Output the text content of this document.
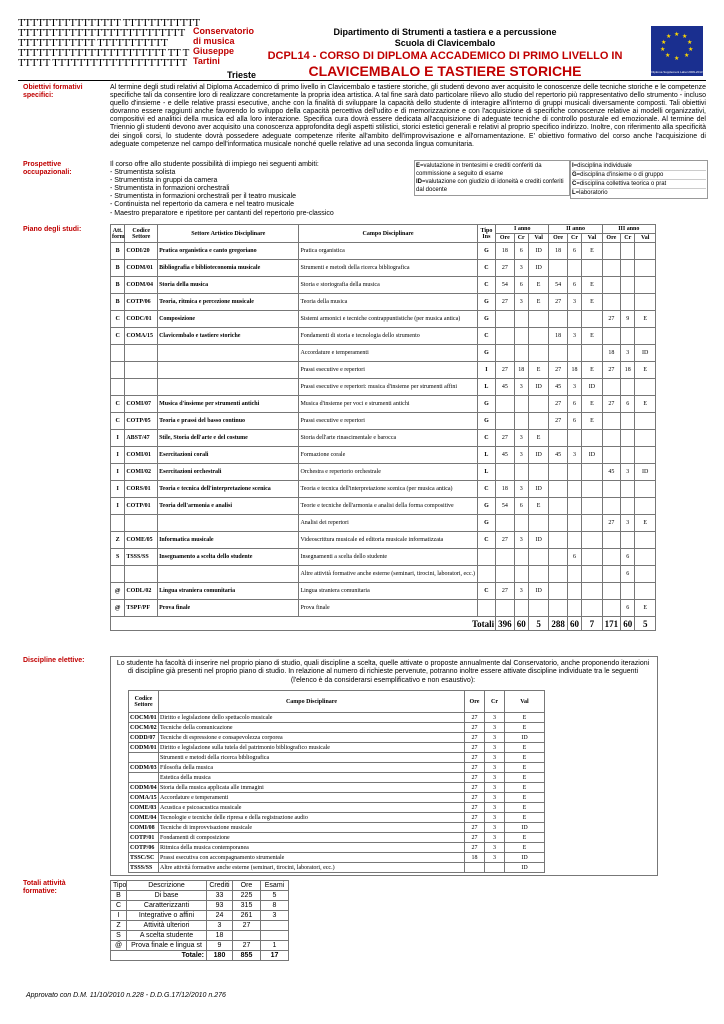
TTTTTTTTTTTTTTTT TTTTTTTTTTTT
TTTTTTTTTTTTTTTTTTTTTTTTTT
TTTTTTTTTTTT TTTTTTTTTTT
TTTTTTTTTTTTTTTTTTTTTTT TT T
TTTTT TTTTTTTTTTTTTTTTTTTTT
Conservatorio
di musica
Giuseppe
Tartini
Trieste
Dipartimento di Strumenti a tastiera e a percussione
Scuola di Clavicembalo
DCPL14 - CORSO DI DIPLOMA ACCADEMICO DI PRIMO LIVELLO IN
CLAVICEMBALO E TASTIERE STORICHE
★ ★
★
★
★
★
★
★
★
★
Diploma Supplement Label 2009-2013
Obiettivi formativi specifici:
Al termine degli studi relativi al Diploma Accademico di primo livello in Clavicembalo e tastiere storiche, gli studenti devono aver acquisito le conoscenze delle tecniche storiche e le competenze specifiche tali da consentire loro di realizzare concretamente la propria idea artistica. A tal fine sarà dato particolare rilievo allo studio del repertorio più rappresentativo dello strumento - incluso quello d'insieme - e delle relative prassi esecutive, anche con la finalità di sviluppare la capacità dello studente di interagire all'interno di gruppi musicali diversamente composti. Tali obiettivi dovranno essere raggiunti anche favorendo lo sviluppo della capacità percettiva dell'udito e di memorizzazione e con l'acquisizione di specifiche conoscenze relative ai modelli organizzativi, compositivi ed analitici della musica ed alla loro interazione. Specifica cura dovrà essere dedicata all'acquisizione di adeguate tecniche di controllo posturale ed emozionale. Al termine del Triennio gli studenti devono aver acquisito una conoscenza approfondita degli aspetti stilistici, storici estetici generali e relativi al proprio specifico indirizzo. Inoltre, con riferimento alla specificità dei singoli corsi, lo studente dovrà possedere adeguate competenze riferite all'ambito dell'improvvisazione e all'ornamentazione. E' obiettivo formativo del corso anche l'acquisizione di adeguate competenze nel campo dell'informatica musicale nonché quelle relative ad una seconda lingua comunitaria.
Prospettive occupazionali:
Il corso offre allo studente possibilità di impiego nei seguenti ambiti:
- Strumentista solista
- Strumentista in gruppi da camera
- Strumentista in formazioni orchestrali
- Strumentista in formazioni orchestrali per il teatro musicale
- Continuista nel repertorio da camera e nel teatro musicale
- Maestro preparatore e ripetitore per cantanti del repertorio pre-classico
E=valutazione in trentesimi e crediti conferiti da commissione a seguito di esame
ID=valutazione con giudizio di idoneità e crediti conferiti dal docente
I=disciplina individuale
G=disciplina d'insieme o di gruppo
C=disciplina collettiva teorica o prat
L=laboratorio
Piano degli studi:	Att. form	Codice Settore	Settore Artistico Disciplinare	Campo Disciplinare	Tipo Ins	I anno			II anno			III anno		
					Ore	Cr	Val	Ore	Cr	Val	Ore	Cr	Val
B	CODI/20	Pratica organistica e canto gregoriano	Pratica organistica	G	18	6	ID	18	6	E			
B	CODM/01	Bibliografia e biblioteconomia musicale	Strumenti e metodi della ricerca bibliografica	C	27	3	ID						
B	CODM/04	Storia della musica	Storia e storiografia della musica	C	54	6	E	54	6	E			
B	COTP/06	Teoria, ritmica e percezione musicale	Teoria della musica	G	27	3	E	27	3	E			
C	CODC/01	Composizione	Sistemi armonici e tecniche contrappuntistiche (per musica antica)	G							27	9	E
C	COMA/15	Clavicembalo e tastiere storiche	Fondamenti di storia e tecnologia dello strumento	C				18	3	E			
			Accordature e temperamenti	G							18	3	ID
			Prassi esecutive e repertori	I	27	18	E	27	18	E	27	18	E
			Prassi esecutive e repertori: musica d'insieme per strumenti affini	L	45	3	ID	45	3	ID			
C	COMI/07	Musica d'insieme per strumenti antichi	Musica d'insieme per voci e strumenti antichi	G				27	6	E	27	6	E
C	COTP/05	Teoria e prassi del basso continuo	Prassi esecutive e repertori	G				27	6	E			
I	ABST/47	Stile, Storia dell'arte e del costume	Storia dell'arte rinascimentale e barocca	C	27	3	E						
I	COMI/01	Esercitazioni corali	Formazione corale	L	45	3	ID	45	3	ID			
I	COMI/02	Esercitazioni orchestrali	Orchestra e repertorio orchestrale	L							45	3	ID
I	CORS/01	Teoria e tecnica dell'interpretazione scenica	Teoria e tecnica dell'interpretazione scenica (per musica antica)	C	18	3	ID						
I	COTP/01	Teoria dell'armonia e analisi	Teorie e tecniche dell'armonia e analisi della forma compositive	G	54	6	E						
			Analisi dei repertori	G							27	3	E
Z	COME/05	Informatica musicale	Videoscrittura musicale ed editoria musicale informatizzata	C	27	3	ID						
S	TSSS/SS	Insegnamento a scelta dello studente	Insegnamenti a scelta dello studente						6			6	
			Altre attività formative anche esterne (seminari, tirocini, laboratori, ecc.)									6	
@	CODL/02	Lingua straniera comunitaria	Lingua straniera comunitaria	C	27	3	ID						
@	TSPF/PF	Prova finale	Prova finale									6	E
Totali					396	60	5	288	60	7	171	60	5
Discipline elettive:	Lo studente ha facoltà di inserire nel proprio piano di studio, quali discipline a scelta, quelle attivate o proposte annualmente dal Conservatorio, anche proponendo iterazioni di discipline già presenti nel proprio piano di studio. In relazione al numero di richieste pervenute, potranno inoltre essere attivate discipline individuate tra le seguenti (l'elenco è da considerarsi esemplificativo e non esaustivo):
Codice Settore	Campo Disciplinare	Ore	Cr	Val
COCM/01	Diritto e legislazione dello spettacolo musicale	27	3	E
COCM/02	Tecniche della comunicazione	27	3	E
CODD/07	Tecniche di espressione e consapevolezza corporea	27	3	ID
CODM/01	Diritto e legislazione sulla tutela del patrimonio bibliografico musicale	27	3	E
	Strumenti e metodi della ricerca bibliografica	27	3	E
CODM/03	Filosofia della musica	27	3	E
	Estetica della musica	27	3	E
CODM/04	Storia della musica applicata alle immagini	27	3	E
COMA/15	Accordature e temperamenti	27	3	E
COME/03	Acustica e psicoacustica musicale	27	3	E
COME/04	Tecnologie e tecniche delle ripresa e della registrazione audio	27	3	E
COMI/08	Tecniche di improvvisazione musicale	27	3	ID
COTP/01	Fondamenti di composizione	27	3	E
COTP/06	Ritmica della musica contemporanea	27	3	E
TSSC/SC	Prassi esecutiva con accompagnamento strumentale	18	3	ID
TSSS/SS	Altre attività formative anche esterne (seminari, tirocini, laboratori, ecc.)			ID
Totali attività formative:
Tipo	Descrizione	Crediti	Ore	Esami
B	Di base	33	225	5
C	Caratterizzanti	93	315	8
I	Integrative o affini	24	261	3
Z	Attività ulteriori	3	27	
S	A scelta studente	18		
@	Prova finale e lingua st	9	27	1
Totale:		180	855	17
Approvato con D.M. 11/10/2010 n.228 - D.D.G.17/12/2010 n.276
